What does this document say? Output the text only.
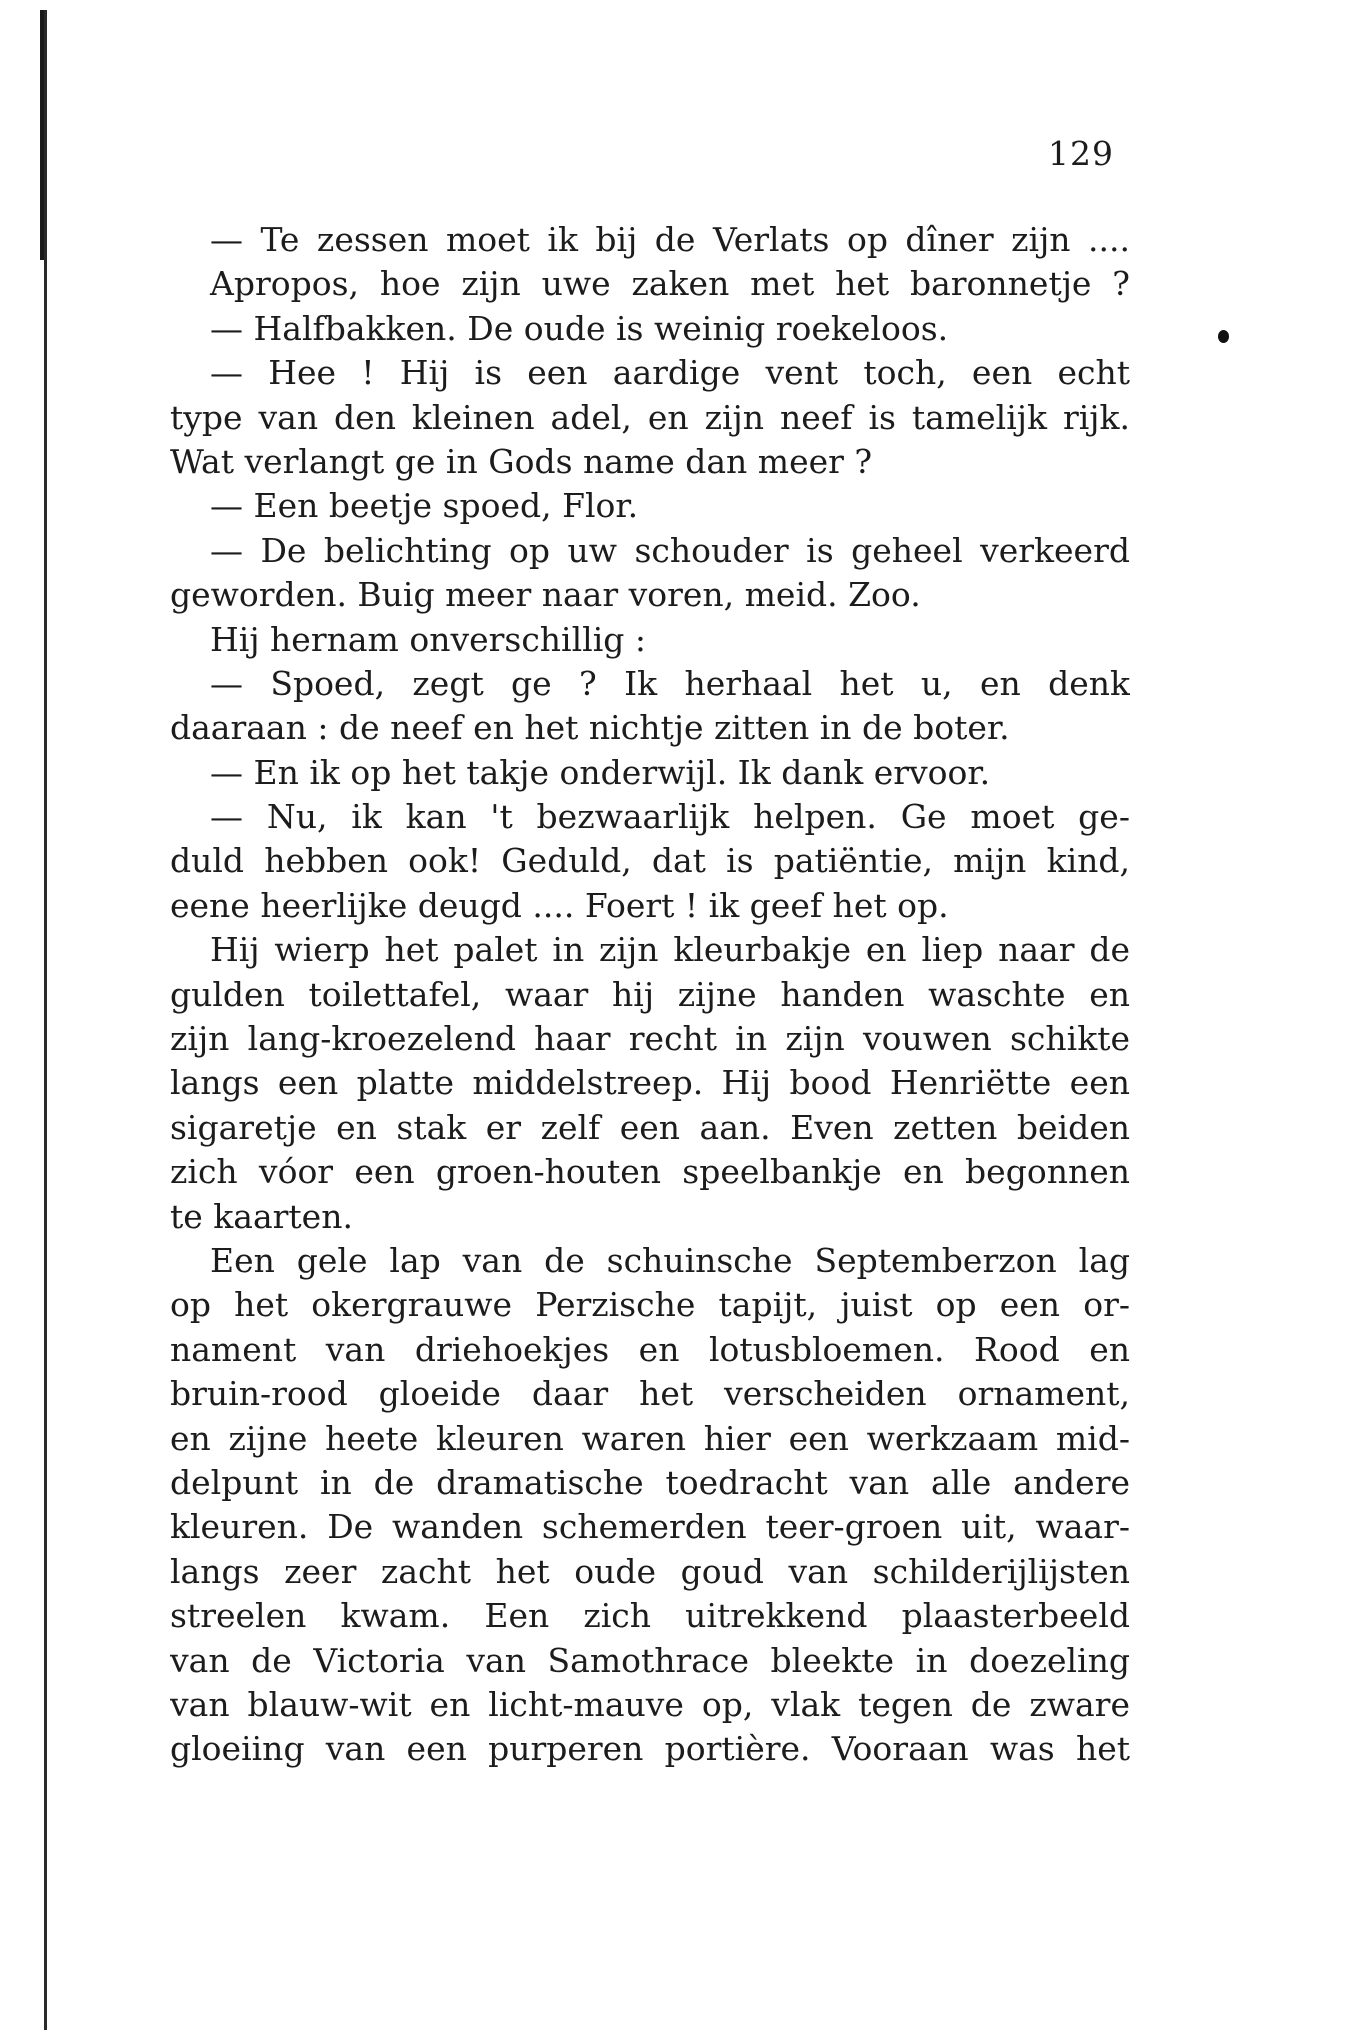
129

— Te zessen moet ik bij de Verlats op dîner zijn ....
Apropos, hoe zijn uwe zaken met het baronnetje ?
— Halfbakken. De oude is weinig roekeloos.
— Hee ! Hij is een aardige vent toch, een echt
type van den kleinen adel, en zijn neef is tamelijk rijk.
Wat verlangt ge in Gods name dan meer ?
— Een beetje spoed, Flor.
— De belichting op uw schouder is geheel verkeerd
geworden. Buig meer naar voren, meid. Zoo.
Hij hernam onverschillig :
— Spoed, zegt ge ? Ik herhaal het u, en denk
daaraan : de neef en het nichtje zitten in de boter.
— En ik op het takje onderwijl. Ik dank ervoor.
— Nu, ik kan 't bezwaarlijk helpen. Ge moet ge-
duld hebben ook! Geduld, dat is patiëntie, mijn kind,
eene heerlijke deugd .... Foert ! ik geef het op.
Hij wierp het palet in zijn kleurbakje en liep naar de
gulden toilettafel, waar hij zijne handen waschte en
zijn lang-kroezelend haar recht in zijn vouwen schikte
langs een platte middelstreep. Hij bood Henriëtte een
sigaretje en stak er zelf een aan. Even zetten beiden
zich vóor een groen-houten speelbankje en begonnen
te kaarten.
Een gele lap van de schuinsche Septemberzon lag
op het okergrauwe Perzische tapijt, juist op een or-
nament van driehoekjes en lotusbloemen. Rood en
bruin-rood gloeide daar het verscheiden ornament,
en zijne heete kleuren waren hier een werkzaam mid-
delpunt in de dramatische toedracht van alle andere
kleuren. De wanden schemerden teer-groen uit, waar-
langs zeer zacht het oude goud van schilderijlijsten
streelen kwam. Een zich uitrekkend plaasterbeeld
van de Victoria van Samothrace bleekte in doezeling
van blauw-wit en licht-mauve op, vlak tegen de zware
gloeiing van een purperen portière. Vooraan was het
